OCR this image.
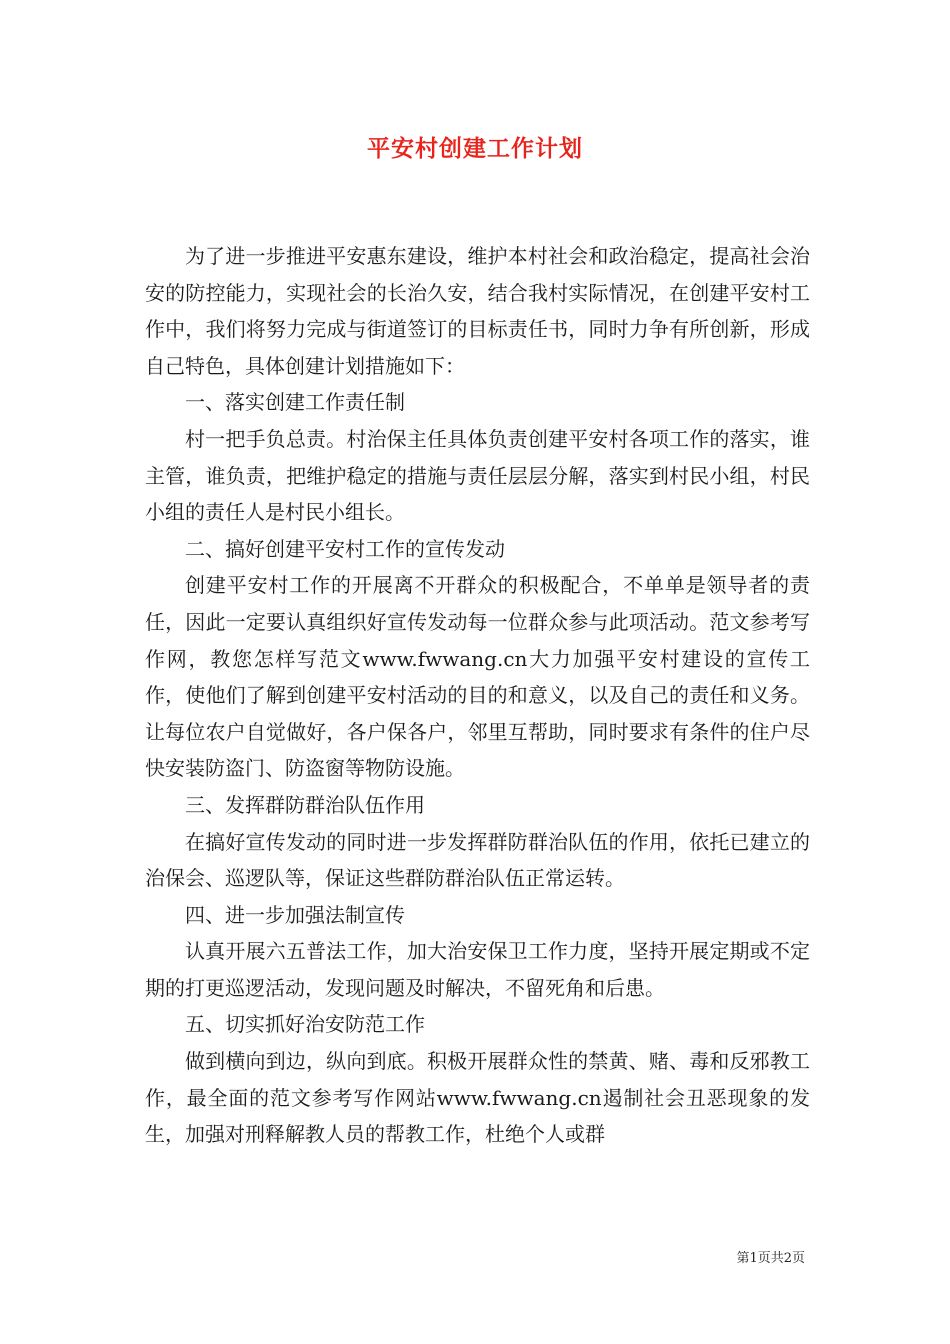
平安村创建工作计划

为了进一步推进平安惠东建设，维护本村社会和政治稳定，提高社会治安的防控能力，实现社会的长治久安，结合我村实际情况，在创建平安村工作中，我们将努力完成与街道签订的目标责任书，同时力争有所创新，形成自己特色，具体创建计划措施如下：

一、落实创建工作责任制

村一把手负总责。村治保主任具体负责创建平安村各项工作的落实，谁主管，谁负责，把维护稳定的措施与责任层层分解，落实到村民小组，村民小组的责任人是村民小组长。

二、搞好创建平安村工作的宣传发动

创建平安村工作的开展离不开群众的积极配合，不单单是领导者的责任，因此一定要认真组织好宣传发动每一位群众参与此项活动。范文参考写作网，教您怎样写范文www.fwwang.cn大力加强平安村建设的宣传工作，使他们了解到创建平安村活动的目的和意义，以及自己的责任和义务。让每位农户自觉做好，各户保各户，邻里互帮助，同时要求有条件的住户尽快安装防盗门、防盗窗等物防设施。

三、发挥群防群治队伍作用

在搞好宣传发动的同时进一步发挥群防群治队伍的作用，依托已建立的治保会、巡逻队等，保证这些群防群治队伍正常运转。

四、进一步加强法制宣传

认真开展六五普法工作，加大治安保卫工作力度，坚持开展定期或不定期的打更巡逻活动，发现问题及时解决，不留死角和后患。

五、切实抓好治安防范工作

做到横向到边，纵向到底。积极开展群众性的禁黄、赌、毒和反邪教工作，最全面的范文参考写作网站www.fwwang.cn遏制社会丑恶现象的发生，加强对刑释解教人员的帮教工作，杜绝个人或群

第1页共2页
